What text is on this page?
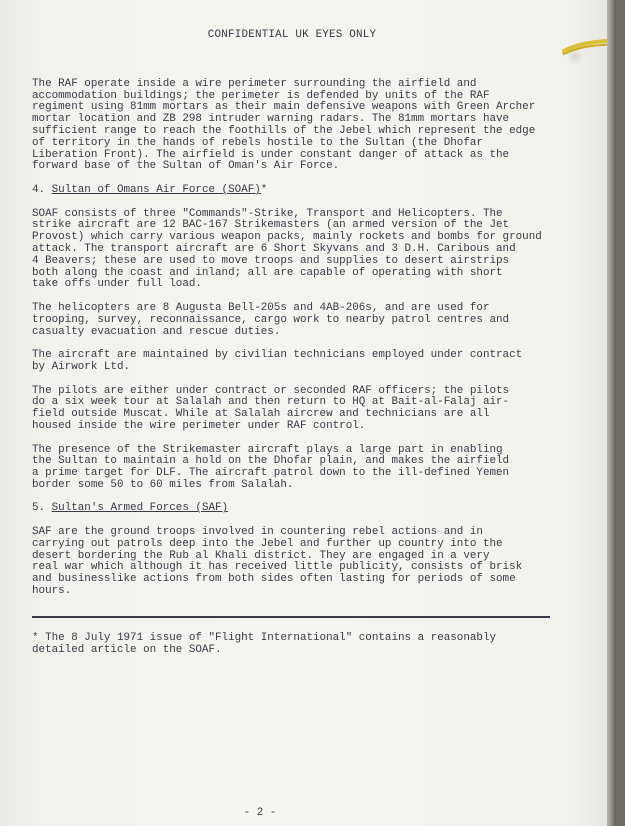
CONFIDENTIAL UK EYES ONLY

The RAF operate inside a wire perimeter surrounding the airfield and
accommodation buildings; the perimeter is defended by units of the RAF
regiment using 81mm mortars as their main defensive weapons with Green Archer
mortar location and ZB 298 intruder warning radars. The 81mm mortars have
sufficient range to reach the foothills of the Jebel which represent the edge
of territory in the hands of rebels hostile to the Sultan (the Dhofar
Liberation Front). The airfield is under constant danger of attack as the
forward base of the Sultan of Oman's Air Force.

4. Sultan of Omans Air Force (SOAF)*

SOAF consists of three "Commands"-Strike, Transport and Helicopters. The
strike aircraft are 12 BAC-167 Strikemasters (an armed version of the Jet
Provost) which carry various weapon packs, mainly rockets and bombs for ground
attack. The transport aircraft are 6 Short Skyvans and 3 D.H. Caribous and
4 Beavers; these are used to move troops and supplies to desert airstrips
both along the coast and inland; all are capable of operating with short
take offs under full load.

The helicopters are 8 Augusta Bell-205s and 4AB-206s, and are used for
trooping, survey, reconnaissance, cargo work to nearby patrol centres and
casualty evacuation and rescue duties.

The aircraft are maintained by civilian technicians employed under contract
by Airwork Ltd.

The pilots are either under contract or seconded RAF officers; the pilots
do a six week tour at Salalah and then return to HQ at Bait-al-Falaj air-
field outside Muscat. While at Salalah aircrew and technicians are all
housed inside the wire perimeter under RAF control.

The presence of the Strikemaster aircraft plays a large part in enabling
the Sultan to maintain a hold on the Dhofar plain, and makes the airfield
a prime target for DLF. The aircraft patrol down to the ill-defined Yemen
border some 50 to 60 miles from Salalah.

5. Sultan's Armed Forces (SAF)

SAF are the ground troops involved in countering rebel actions and in
carrying out patrols deep into the Jebel and further up country into the
desert bordering the Rub al Khali district. They are engaged in a very
real war which although it has received little publicity, consists of brisk
and businesslike actions from both sides often lasting for periods of some
hours.

* The 8 July 1971 issue of "Flight International" contains a reasonably
detailed article on the SOAF.

- 2 -
